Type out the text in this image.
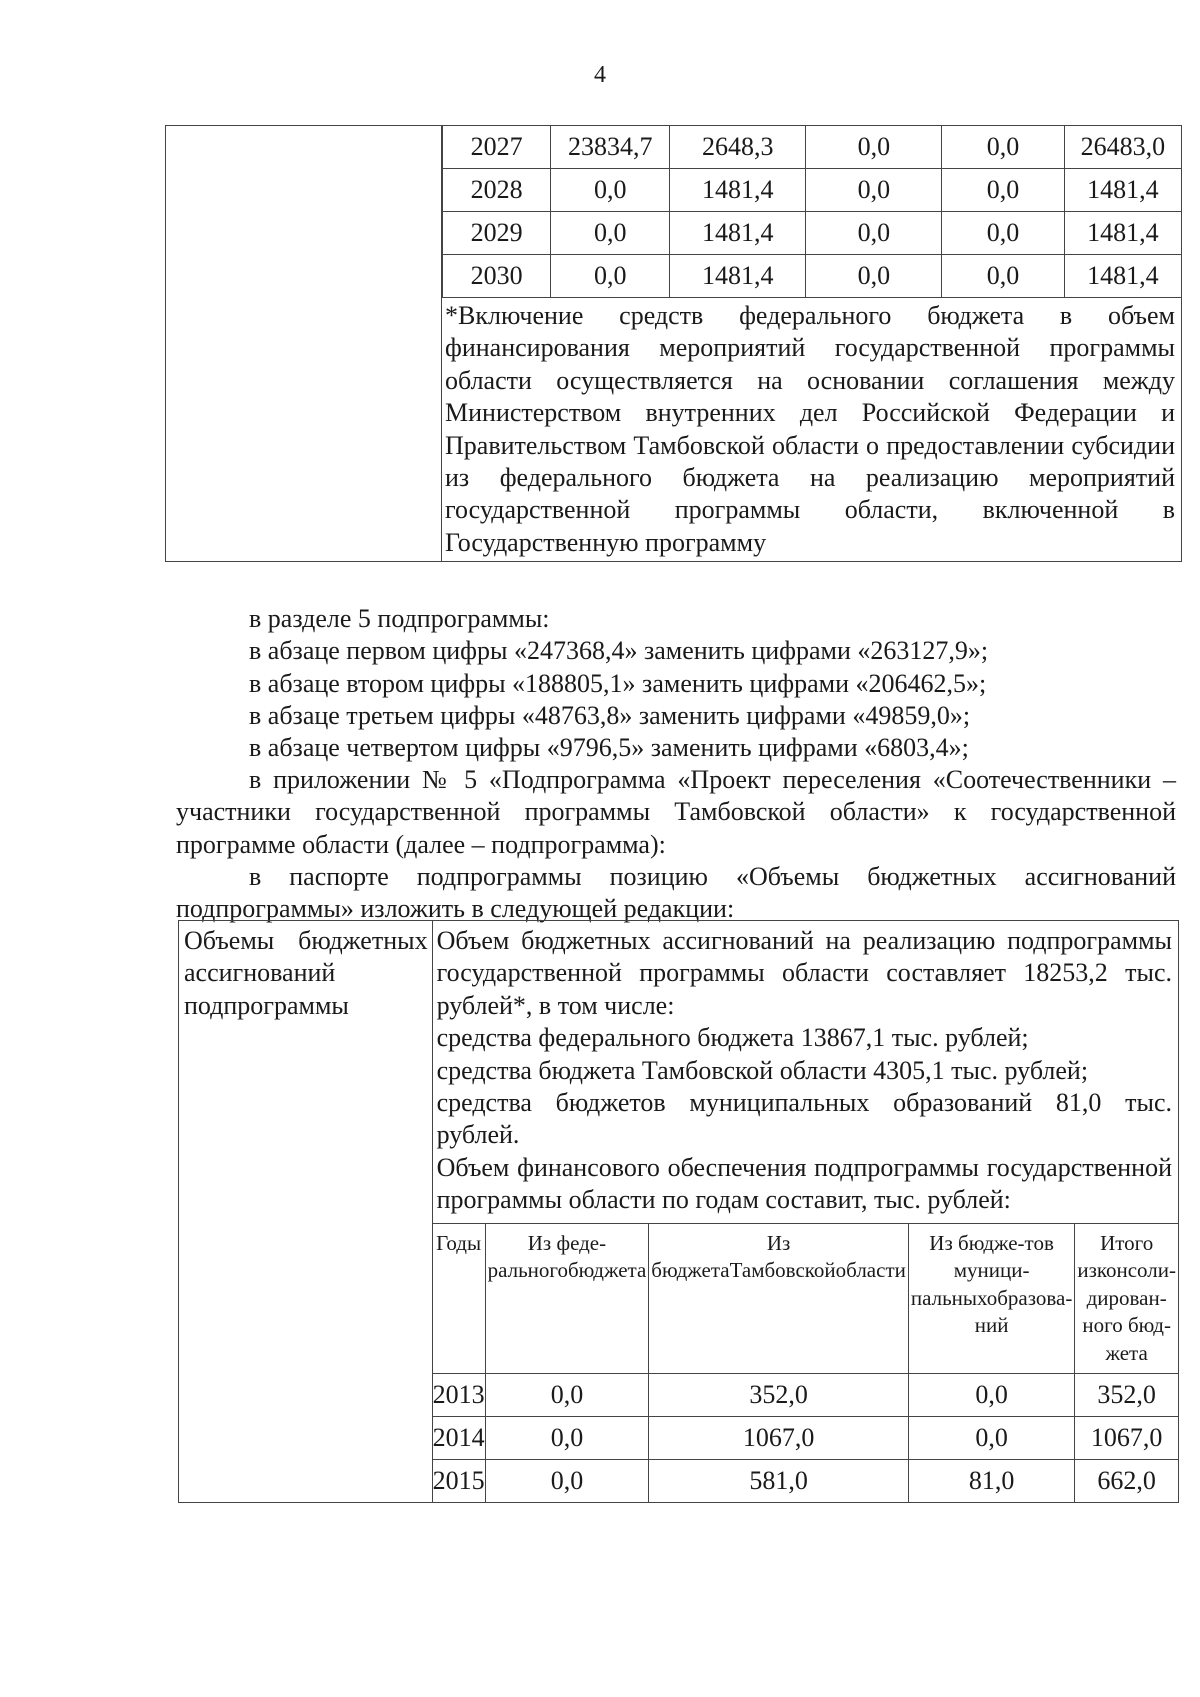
4

2027	23834,7	2648,3	0,0	0,0	26483,0
2028	0,0	1481,4	0,0	0,0	1481,4
2029	0,0	1481,4	0,0	0,0	1481,4
2030	0,0	1481,4	0,0	0,0	1481,4
*Включение средств федерального бюджета в объем финансирования мероприятий государственной программы области осуществляется на основании соглашения между Министерством внутренних дел Российской Федерации и Правительством Тамбовской области о предоставлении субсидии из федерального бюджета на реализацию мероприятий государственной программы области, включенной в Государственную программу
в разделе 5 подпрограммы:
в абзаце первом цифры «247368,4» заменить цифрами «263127,9»;
в абзаце втором цифры «188805,1» заменить цифрами «206462,5»;
в абзаце третьем цифры «48763,8» заменить цифрами «49859,0»;
в абзаце четвертом цифры «9796,5» заменить цифрами «6803,4»;
в приложении № 5 «Подпрограмма «Проект переселения «Соотечественники – участники государственной программы Тамбовской области» к государственной программе области (далее – подпрограмма):
в паспорте подпрограммы позицию «Объемы бюджетных ассигнований подпрограммы» изложить в следующей редакции:
Объемы бюджетных ассигнований подпрограммы

Объем бюджетных ассигнований на реализацию подпрограммы государственной программы области составляет 18253,2 тыс. рублей*, в том числе:
средства федерального бюджета 13867,1 тыс. рублей;
средства бюджета Тамбовской области 4305,1 тыс. рублей;
средства бюджетов муниципальных образований 81,0 тыс. рублей.
Объем финансового обеспечения подпрограммы государственной программы области по годам составит, тыс. рублей:
Годы	Из феде-ральногобюджета	Из бюджетаТамбовскойобласти	Из бюдже-тов муници-пальныхобразова-ний	Итого изконсоли-дирован-ного бюд-жета
2013	0,0	352,0	0,0	352,0
2014	0,0	1067,0	0,0	1067,0
2015	0,0	581,0	81,0	662,0
